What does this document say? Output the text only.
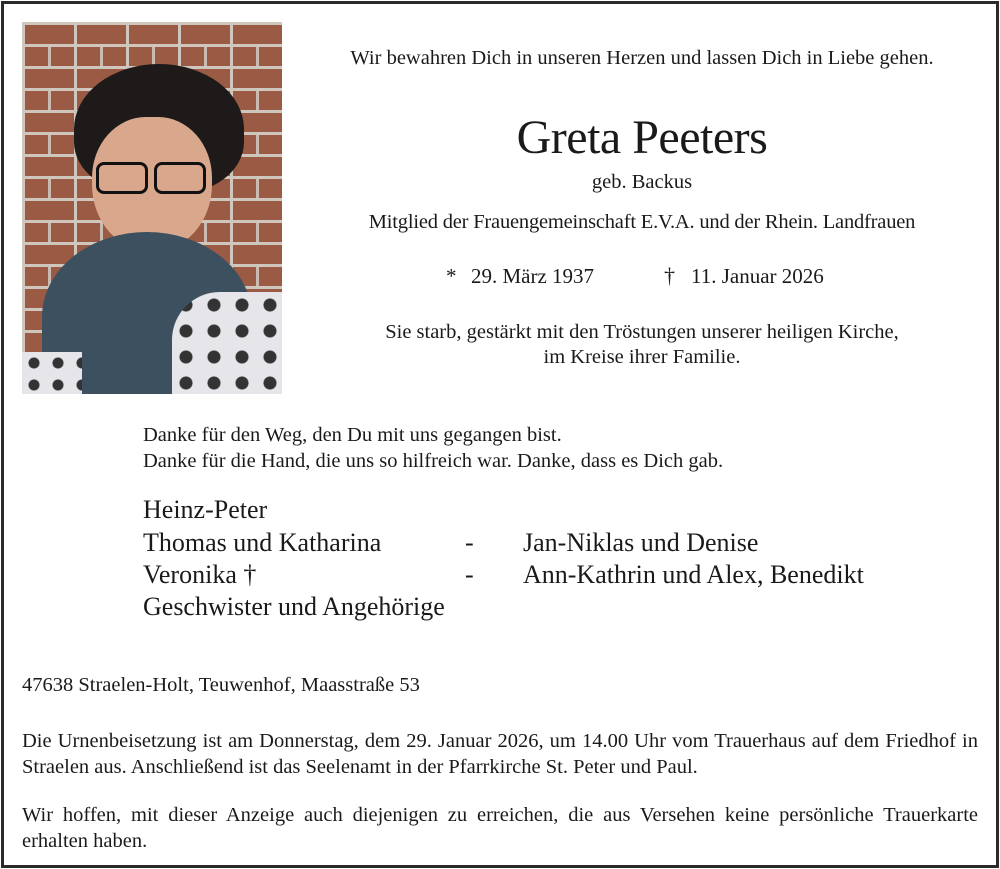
Wir bewahren Dich in unseren Herzen und lassen Dich in Liebe gehen.
Greta Peeters
geb. Backus
Mitglied der Frauengemeinschaft E.V.A. und der Rhein. Landfrauen
* 29. März 1937	† 11. Januar 2026
Sie starb, gestärkt mit den Tröstungen unserer heiligen Kirche,
im Kreise ihrer Familie.
Danke für den Weg, den Du mit uns gegangen bist.
Danke für die Hand, die uns so hilfreich war. Danke, dass es Dich gab.
Heinz-Peter
Thomas und Katharina	- Jan-Niklas und Denise
Veronika †	- Ann-Kathrin und Alex, Benedikt
Geschwister und Angehörige
47638 Straelen-Holt, Teuwenhof, Maasstraße 53
Die Urnenbeisetzung ist am Donnerstag, dem 29. Januar 2026, um 14.00 Uhr vom Trauerhaus auf dem Friedhof in Straelen aus. Anschließend ist das Seelenamt in der Pfarrkirche St. Peter und Paul.
Wir hoffen, mit dieser Anzeige auch diejenigen zu erreichen, die aus Versehen keine persönliche Trauerkarte erhalten haben.
